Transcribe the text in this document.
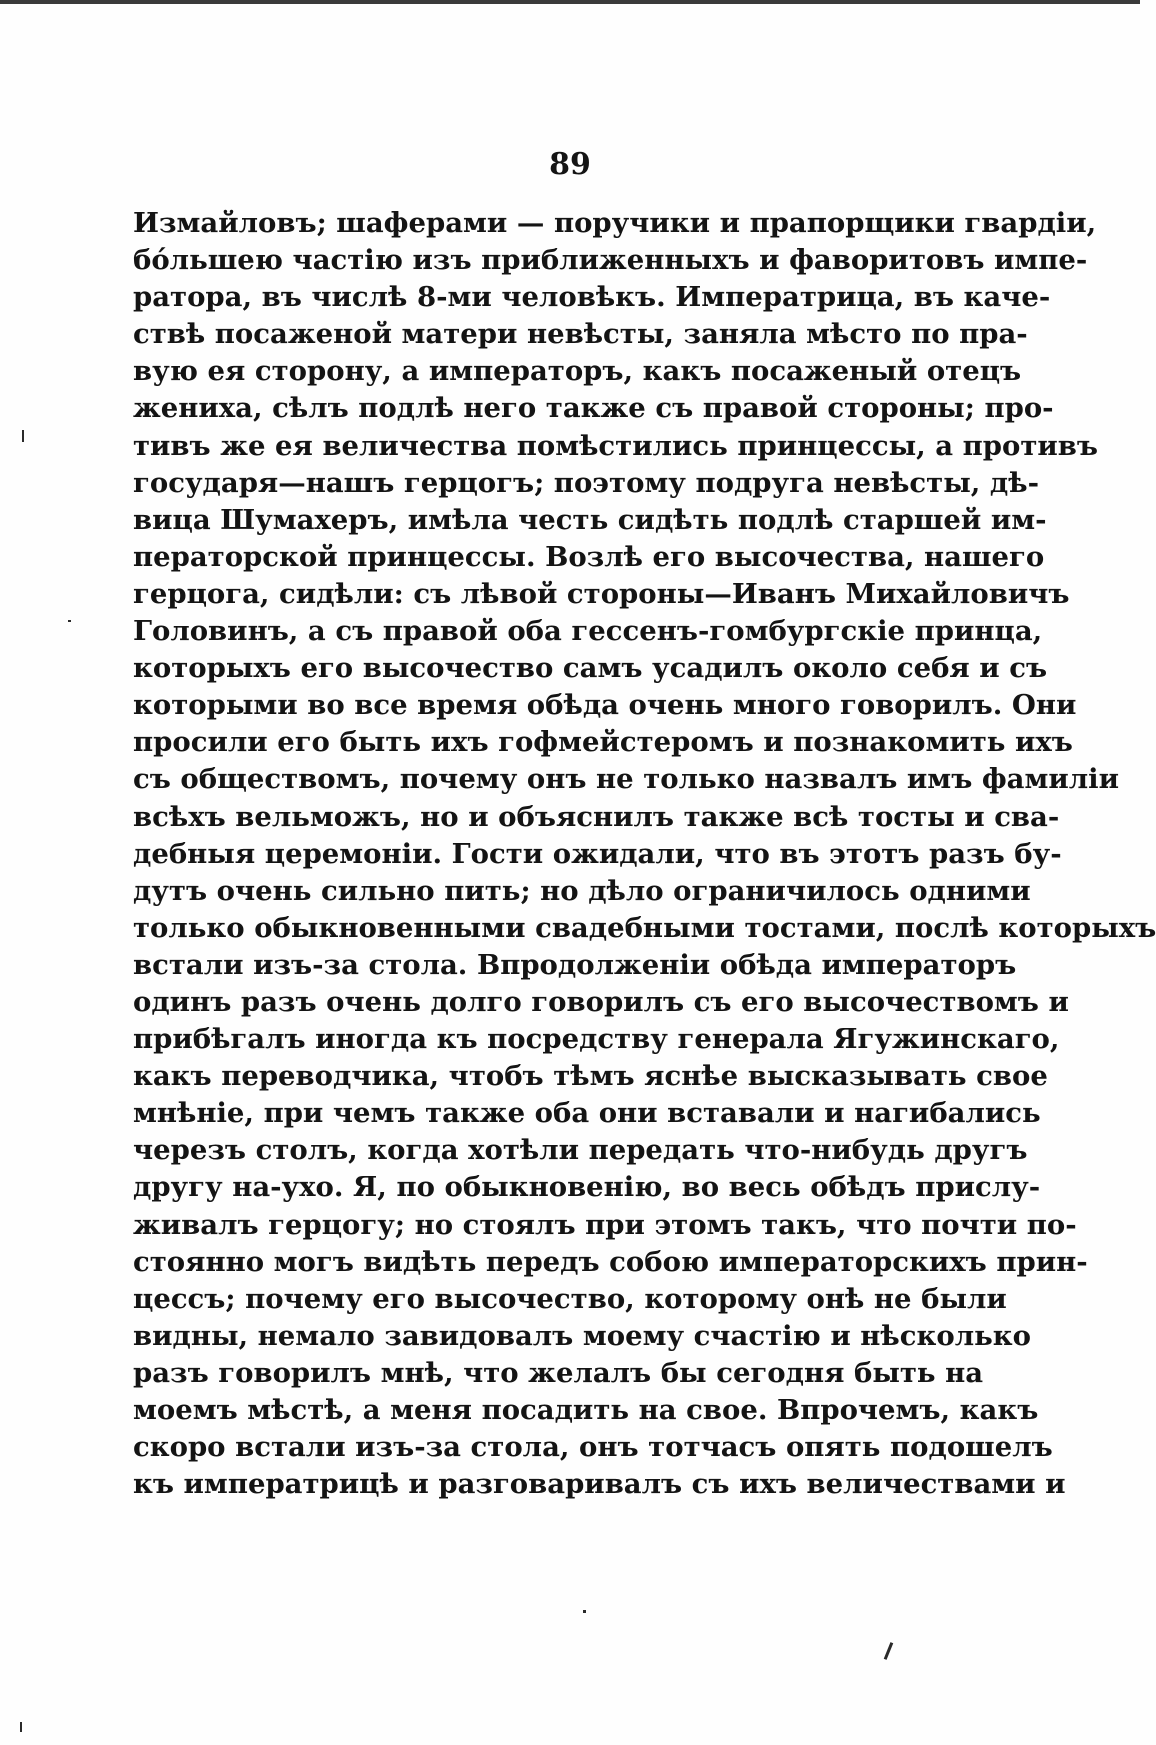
89
Измайловъ; шаферами — поручики и прапорщики гвардіи,
бóльшею частію изъ приближенныхъ и фаворитовъ импе-
ратора, въ числѣ 8-ми человѣкъ. Императрица, въ каче-
ствѣ посаженой матери невѣсты, заняла мѣсто по пра-
вую ея сторону, а императоръ, какъ посаженый отецъ
жениха, сѣлъ подлѣ него также съ правой стороны; про-
тивъ же ея величества помѣстились принцессы, а противъ
государя—нашъ герцогъ; поэтому подруга невѣсты, дѣ-
вица Шумахеръ, имѣла честь сидѣть подлѣ старшей им-
ператорской принцессы. Возлѣ его высочества, нашего
герцога, сидѣли: съ лѣвой стороны—Иванъ Михайловичъ
Головинъ, а съ правой оба гессенъ-гомбургскіе принца,
которыхъ его высочество самъ усадилъ около себя и съ
которыми во все время обѣда очень много говорилъ. Они
просили его быть ихъ гофмейстеромъ и познакомить ихъ
съ обществомъ, почему онъ не только назвалъ имъ фамиліи
всѣхъ вельможъ, но и объяснилъ также всѣ тосты и сва-
дебныя церемоніи. Гости ожидали, что въ этотъ разъ бу-
дутъ очень сильно пить; но дѣло ограничилось одними
только обыкновенными свадебными тостами, послѣ которыхъ
встали изъ-за стола. Впродолженіи обѣда императоръ
одинъ разъ очень долго говорилъ съ его высочествомъ и
прибѣгалъ иногда къ посредству генерала Ягужинскаго,
какъ переводчика, чтобъ тѣмъ яснѣе высказывать свое
мнѣніе, при чемъ также оба они вставали и нагибались
черезъ столъ, когда хотѣли передать что-нибудь другъ
другу на-ухо. Я, по обыкновенію, во весь обѣдъ прислу-
живалъ герцогу; но стоялъ при этомъ такъ, что почти по-
стоянно могъ видѣть передъ собою императорскихъ прин-
цессъ; почему его высочество, которому онѣ не были
видны, немало завидовалъ моему счастію и нѣсколько
разъ говорилъ мнѣ, что желалъ бы сегодня быть на
моемъ мѣстѣ, а меня посадить на свое. Впрочемъ, какъ
скоро встали изъ-за стола, онъ тотчасъ опять подошелъ
къ императрицѣ и разговаривалъ съ ихъ величествами и
